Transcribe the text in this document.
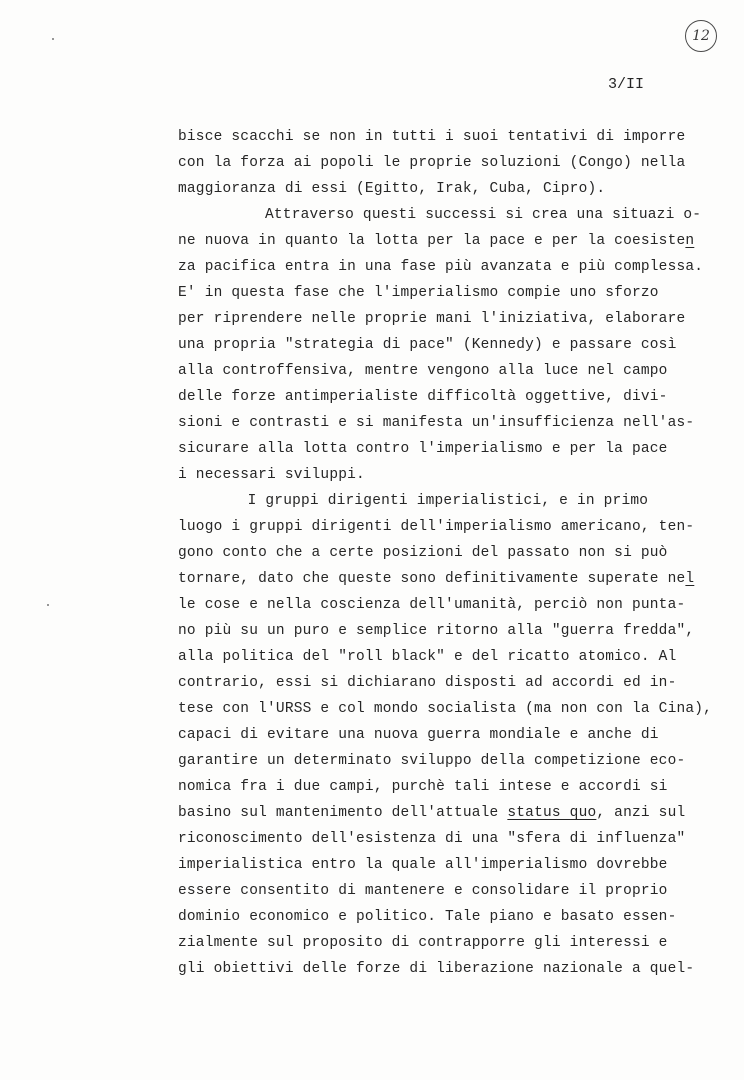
12
3/II
bisce scacchi se non in tutti i suoi tentativi di imporre
con la forza ai popoli le proprie soluzioni (Congo) nella
maggioranza di essi (Egitto, Irak, Cuba, Cipro).
Attraverso questi successi si crea una situazi o-
ne nuova in quanto la lotta per la pace e per la coesisten
za pacifica entra in una fase più avanzata e più complessa.
E' in questa fase che l'imperialismo compie uno sforzo
per riprendere nelle proprie mani l'iniziativa, elaborare
una propria "strategia di pace" (Kennedy) e passare così
alla controffensiva, mentre vengono alla luce nel campo
delle forze antimperialiste difficoltà oggettive, divi-
sioni e contrasti e si manifesta un'insufficienza nell'as-
sicurare alla lotta contro l'imperialismo e per la pace
i necessari sviluppi.
I gruppi dirigenti imperialistici, e in primo
luogo i gruppi dirigenti dell'imperialismo americano, ten-
gono conto che a certe posizioni del passato non si può
tornare, dato che queste sono definitivamente superate nel
le cose e nella coscienza dell'umanità, perciò non punta-
no più su un puro e semplice ritorno alla "guerra fredda",
alla politica del "roll black" e del ricatto atomico. Al
contrario, essi si dichiarano disposti ad accordi ed in-
tese con l'URSS e col mondo socialista (ma non con la Cina),
capaci di evitare una nuova guerra mondiale e anche di
garantire un determinato sviluppo della competizione eco-
nomica fra i due campi, purchè tali intese e accordi si
basino sul mantenimento dell'attuale status quo, anzi sul
riconoscimento dell'esistenza di una "sfera di influenza"
imperialistica entro la quale all'imperialismo dovrebbe
essere consentito di mantenere e consolidare il proprio
dominio economico e politico. Tale piano e basato essen-
zialmente sul proposito di contrapporre gli interessi e
gli obiettivi delle forze di liberazione nazionale a quel-
